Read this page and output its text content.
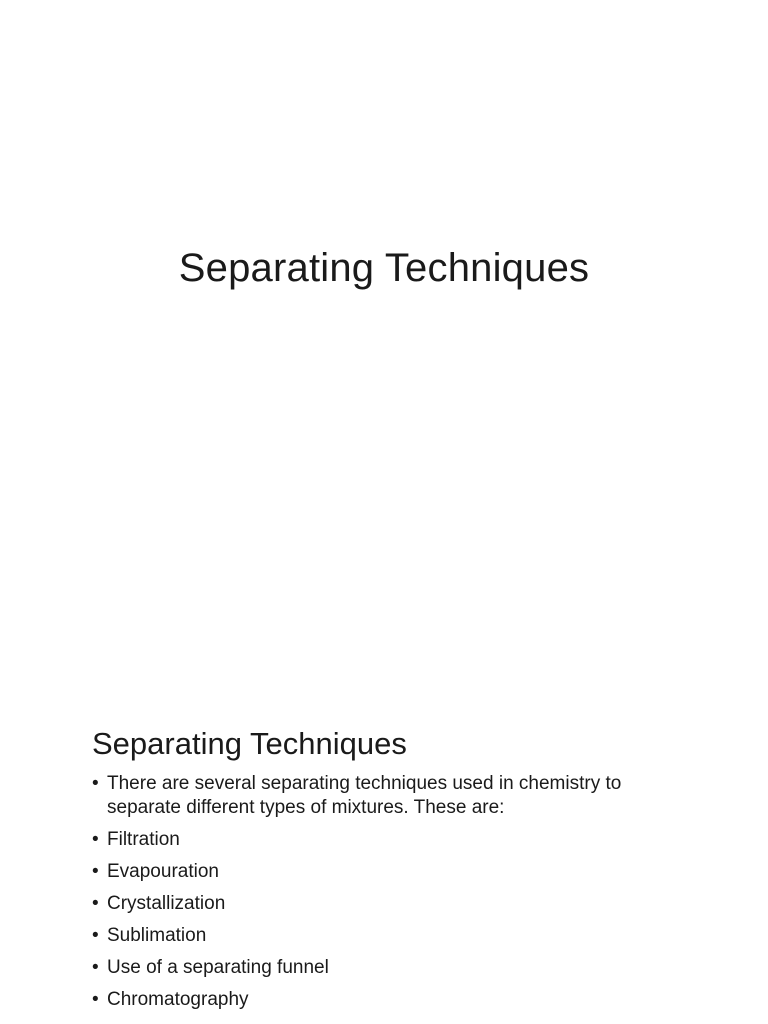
Separating Techniques
Separating Techniques
• There are several separating techniques used in chemistry to separate different types of mixtures. These are:
• Filtration
• Evapouration
• Crystallization
• Sublimation
• Use of a separating funnel
• Chromatography
